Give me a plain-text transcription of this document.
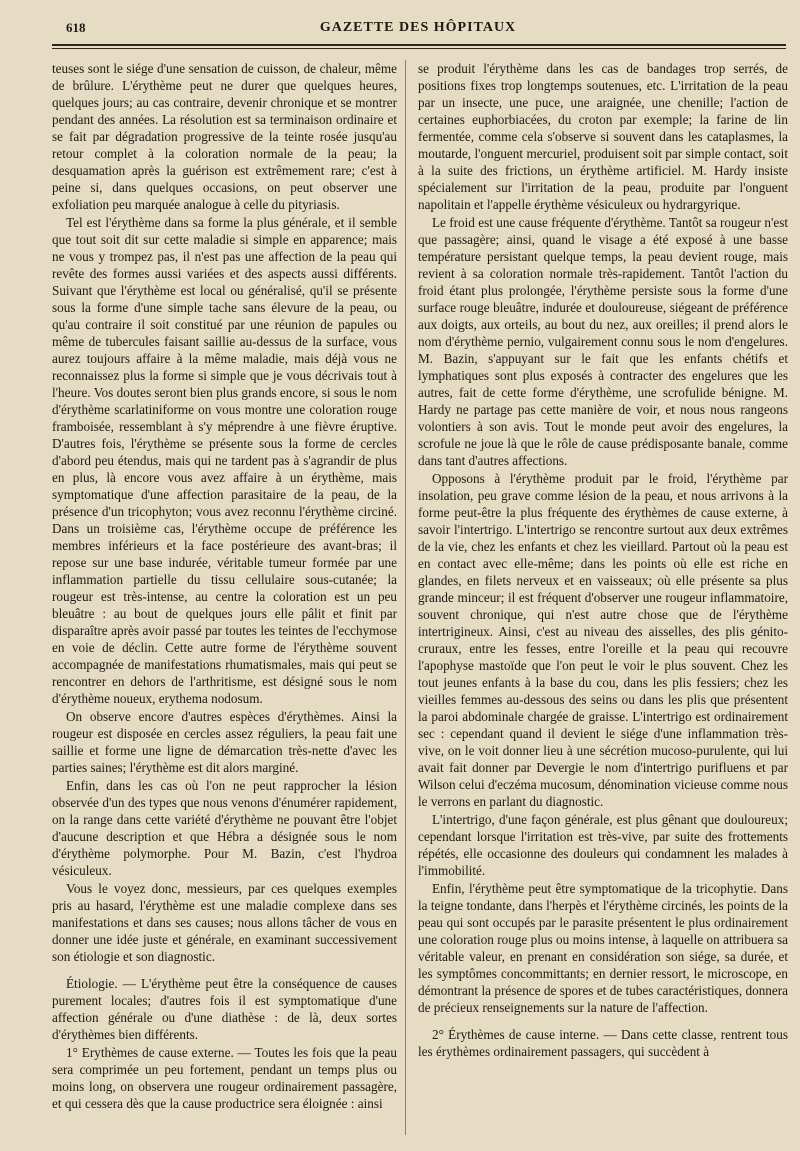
618	GAZETTE DES HÔPITAUX

teuses sont le siége d'une sensation de cuisson, de chaleur, même de brûlure. L'érythème peut ne durer que quelques heures, quelques jours; au cas contraire, devenir chronique et se montrer pendant des années. La résolution est sa terminaison ordinaire et se fait par dégradation progressive de la teinte rosée jusqu'au retour complet à la coloration normale de la peau; la desquamation après la guérison est extrêmement rare; c'est à peine si, dans quelques occasions, on peut observer une exfoliation peu marquée analogue à celle du pityriasis.

Tel est l'érythème dans sa forme la plus générale, et il semble que tout soit dit sur cette maladie si simple en apparence; mais ne vous y trompez pas, il n'est pas une affection de la peau qui revête des formes aussi variées et des aspects aussi différents. Suivant que l'érythème est local ou généralisé, qu'il se présente sous la forme d'une simple tache sans élevure de la peau, ou qu'au contraire il soit constitué par une réunion de papules ou même de tubercules faisant saillie au-dessus de la surface, vous aurez toujours affaire à la même maladie, mais déjà vous ne reconnaissez plus la forme si simple que je vous décrivais tout à l'heure. Vos doutes seront bien plus grands encore, si sous le nom d'érythème scarlatiniforme on vous montre une coloration rouge framboisée, ressemblant à s'y méprendre à une fièvre éruptive. D'autres fois, l'érythème se présente sous la forme de cercles d'abord peu étendus, mais qui ne tardent pas à s'agrandir de plus en plus, là encore vous avez affaire à un érythème, mais symptomatique d'une affection parasitaire de la peau, de la présence d'un tricophyton; vous avez reconnu l'érythème circiné. Dans un troisième cas, l'érythème occupe de préférence les membres inférieurs et la face postérieure des avant-bras; il repose sur une base indurée, véritable tumeur formée par une inflammation partielle du tissu cellulaire sous-cutanée; la rougeur est très-intense, au centre la coloration est un peu bleuâtre : au bout de quelques jours elle pâlit et finit par disparaître après avoir passé par toutes les teintes de l'ecchymose en voie de déclin. Cette autre forme de l'érythème souvent accompagnée de manifestations rhumatismales, mais qui peut se rencontrer en dehors de l'arthritisme, est désigné sous le nom d'érythème noueux, erythema nodosum.

On observe encore d'autres espèces d'érythèmes. Ainsi la rougeur est disposée en cercles assez réguliers, la peau fait une saillie et forme une ligne de démarcation très-nette d'avec les parties saines; l'érythème est dit alors marginé.

Enfin, dans les cas où l'on ne peut rapprocher la lésion observée d'un des types que nous venons d'énumérer rapidement, on la range dans cette variété d'érythème ne pouvant être l'objet d'aucune description et que Hébra a désignée sous le nom d'érythème polymorphe. Pour M. Bazin, c'est l'hydroa vésiculeux.

Vous le voyez donc, messieurs, par ces quelques exemples pris au hasard, l'érythème est une maladie complexe dans ses manifestations et dans ses causes; nous allons tâcher de vous en donner une idée juste et générale, en examinant successivement son étiologie et son diagnostic.

Étiologie. — L'érythème peut être la conséquence de causes purement locales; d'autres fois il est symptomatique d'une affection générale ou d'une diathèse : de là, deux sortes d'érythèmes bien différents.

1° Erythèmes de cause externe. — Toutes les fois que la peau sera comprimée un peu fortement, pendant un temps plus ou moins long, on observera une rougeur ordinairement passagère, et qui cessera dès que la cause productrice sera éloignée : ainsi

se produit l'érythème dans les cas de bandages trop serrés, de positions fixes trop longtemps soutenues, etc. L'irritation de la peau par un insecte, une puce, une araignée, une chenille; l'action de certaines euphorbiacées, du croton par exemple; la farine de lin fermentée, comme cela s'observe si souvent dans les cataplasmes, la moutarde, l'onguent mercuriel, produisent soit par simple contact, soit à la suite des frictions, un érythème artificiel. M. Hardy insiste spécialement sur l'irritation de la peau, produite par l'onguent napolitain et l'appelle érythème vésiculeux ou hydrargyrique.

Le froid est une cause fréquente d'érythème. Tantôt sa rougeur n'est que passagère; ainsi, quand le visage a été exposé à une basse température persistant quelque temps, la peau devient rouge, mais revient à sa coloration normale très-rapidement. Tantôt l'action du froid étant plus prolongée, l'érythème persiste sous la forme d'une surface rouge bleuâtre, indurée et douloureuse, siégeant de préférence aux doigts, aux orteils, au bout du nez, aux oreilles; il prend alors le nom d'érythème pernio, vulgairement connu sous le nom d'engelures. M. Bazin, s'appuyant sur le fait que les enfants chétifs et lymphatiques sont plus exposés à contracter des engelures que les autres, fait de cette forme d'érythème, une scrofulide bénigne. M. Hardy ne partage pas cette manière de voir, et nous nous rangeons volontiers à son avis. Tout le monde peut avoir des engelures, la scrofule ne joue là que le rôle de cause prédisposante banale, comme dans tant d'autres affections.

Opposons à l'érythème produit par le froid, l'érythème par insolation, peu grave comme lésion de la peau, et nous arrivons à la forme peut-être la plus fréquente des érythèmes de cause externe, à savoir l'intertrigo. L'intertrigo se rencontre surtout aux deux extrêmes de la vie, chez les enfants et chez les vieillard. Partout où la peau est en contact avec elle-même; dans les points où elle est riche en glandes, en filets nerveux et en vaisseaux; où elle présente sa plus grande minceur; il est fréquent d'observer une rougeur inflammatoire, souvent chronique, qui n'est autre chose que de l'érythème intertrigineux. Ainsi, c'est au niveau des aisselles, des plis génito-cruraux, entre les fesses, entre l'oreille et la peau qui recouvre l'apophyse mastoïde que l'on peut le voir le plus souvent. Chez les tout jeunes enfants à la base du cou, dans les plis fessiers; chez les vieilles femmes au-dessous des seins ou dans les plis que présentent la paroi abdominale chargée de graisse. L'intertrigo est ordinairement sec : cependant quand il devient le siége d'une inflammation très-vive, on le voit donner lieu à une sécrétion mucoso-purulente, qui lui avait fait donner par Devergie le nom d'intertrigo purifluens et par Wilson celui d'eczéma mucosum, dénomination vicieuse comme nous le verrons en parlant du diagnostic.

L'intertrigo, d'une façon générale, est plus gênant que douloureux; cependant lorsque l'irritation est très-vive, par suite des frottements répétés, elle occasionne des douleurs qui condamnent les malades à l'immobilité.

Enfin, l'érythème peut être symptomatique de la tricophytie. Dans la teigne tondante, dans l'herpès et l'érythème circinés, les points de la peau qui sont occupés par le parasite présentent le plus ordinairement une coloration rouge plus ou moins intense, à laquelle on attribuera sa véritable valeur, en prenant en considération son siége, sa durée, et les symptômes concommittants; en dernier ressort, le microscope, en démontrant la présence de spores et de tubes caractéristiques, donnera de précieux renseignements sur la nature de l'affection.

2° Érythèmes de cause interne. — Dans cette classe, rentrent tous les érythèmes ordinairement passagers, qui succèdent à
